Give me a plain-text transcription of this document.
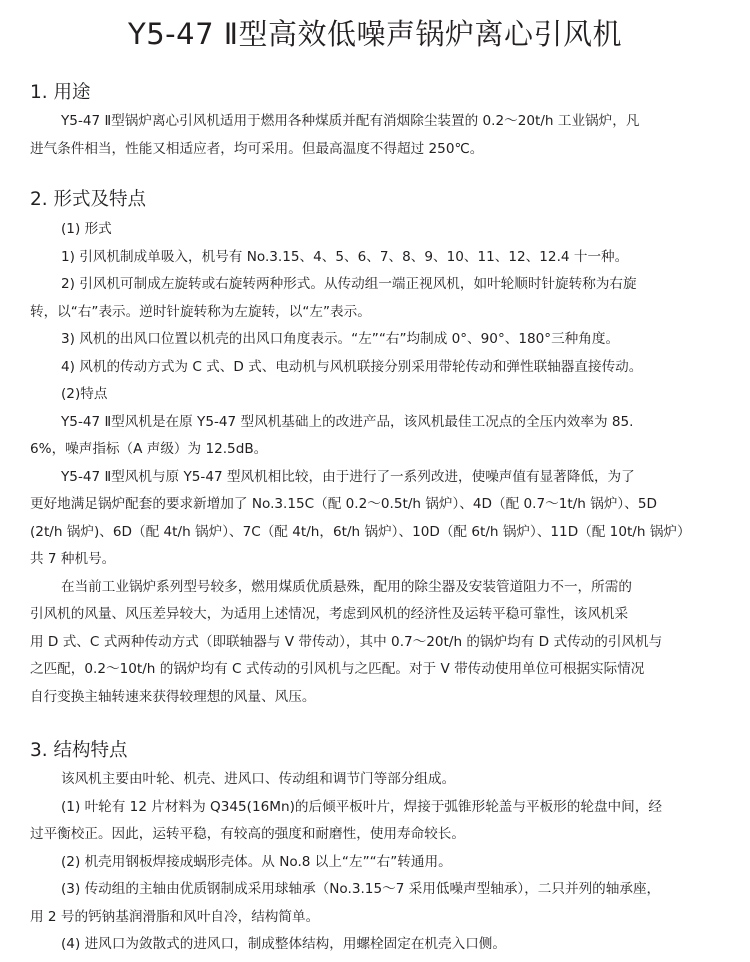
Y5-47 Ⅱ型高效低噪声锅炉离心引风机
1. 用途
Y5-47 Ⅱ型锅炉离心引风机适用于燃用各种煤质并配有消烟除尘装置的 0.2～20t/h 工业锅炉，凡
进气条件相当，性能又相适应者，均可采用。但最高温度不得超过 250℃。
2. 形式及特点
(1) 形式
1) 引风机制成单吸入，机号有 No.3.15、4、5、6、7、8、9、10、11、12、12.4 十一种。
2) 引风机可制成左旋转或右旋转两种形式。从传动组一端正视风机，如叶轮顺时针旋转称为右旋
转，以“右”表示。逆时针旋转称为左旋转，以“左”表示。
3) 风机的出风口位置以机壳的出风口角度表示。“左”“右”均制成 0°、90°、180°三种角度。
4) 风机的传动方式为 C 式、D 式、电动机与风机联接分别采用带轮传动和弹性联轴器直接传动。
(2)特点
Y5-47 Ⅱ型风机是在原 Y5-47 型风机基础上的改进产品，该风机最佳工况点的全压内效率为 85.
6%，噪声指标（A 声级）为 12.5dB。
Y5-47 Ⅱ型风机与原 Y5-47 型风机相比较，由于进行了一系列改进，使噪声值有显著降低，为了
更好地满足锅炉配套的要求新增加了 No.3.15C（配 0.2～0.5t/h 锅炉）、4D（配 0.7～1t/h 锅炉）、5D
(2t/h 锅炉)、6D（配 4t/h 锅炉）、7C（配 4t/h，6t/h 锅炉）、10D（配 6t/h 锅炉）、11D（配 10t/h 锅炉）
共 7 种机号。
在当前工业锅炉系列型号较多，燃用煤质优质悬殊，配用的除尘器及安装管道阻力不一，所需的
引风机的风量、风压差异较大，为适用上述情况，考虑到风机的经济性及运转平稳可靠性，该风机采
用 D 式、C 式两种传动方式（即联轴器与 V 带传动），其中 0.7～20t/h 的锅炉均有 D 式传动的引风机与
之匹配，0.2～10t/h 的锅炉均有 C 式传动的引风机与之匹配。对于 V 带传动使用单位可根据实际情况
自行变换主轴转速来获得较理想的风量、风压。
3. 结构特点
该风机主要由叶轮、机壳、进风口、传动组和调节门等部分组成。
(1) 叶轮有 12 片材料为 Q345(16Mn)的后倾平板叶片，焊接于弧锥形轮盖与平板形的轮盘中间，经
过平衡校正。因此，运转平稳，有较高的强度和耐磨性，使用寿命较长。
(2) 机壳用钢板焊接成蜗形壳体。从 No.8 以上“左”“右”转通用。
(3) 传动组的主轴由优质钢制成采用球轴承（No.3.15～7 采用低噪声型轴承），二只并列的轴承座，
用 2 号的钙钠基润滑脂和风叶自冷，结构简单。
(4) 进风口为敛散式的进风口，制成整体结构，用螺栓固定在机壳入口侧。
